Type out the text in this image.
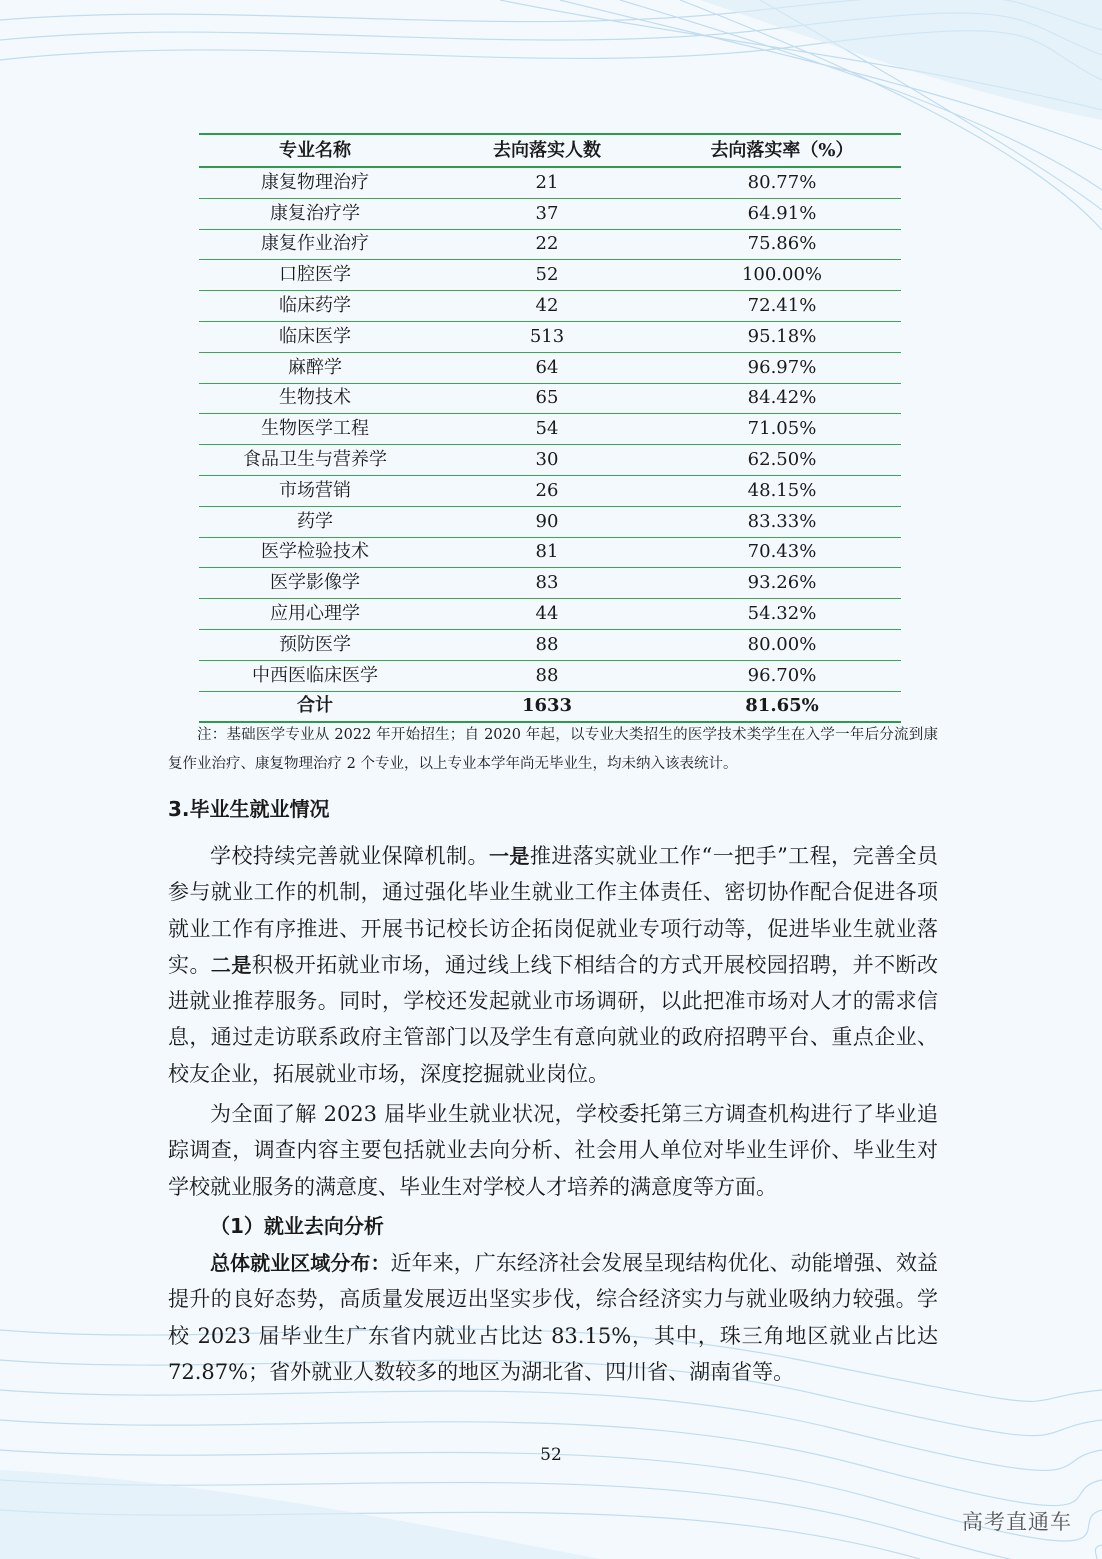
专业名称	去向落实人数	去向落实率（%）
康复物理治疗	21	80.77%
康复治疗学	37	64.91%
康复作业治疗	22	75.86%
口腔医学	52	100.00%
临床药学	42	72.41%
临床医学	513	95.18%
麻醉学	64	96.97%
生物技术	65	84.42%
生物医学工程	54	71.05%
食品卫生与营养学	30	62.50%
市场营销	26	48.15%
药学	90	83.33%
医学检验技术	81	70.43%
医学影像学	83	93.26%
应用心理学	44	54.32%
预防医学	88	80.00%
中西医临床医学	88	96.70%
合计	1633	81.65%
注：基础医学专业从 2022 年开始招生；自 2020 年起，以专业大类招生的医学技术类学生在入学一年后分流到康复作业治疗、康复物理治疗 2 个专业，以上专业本学年尚无毕业生，均未纳入该表统计。
3.毕业生就业情况

学校持续完善就业保障机制。一是推进落实就业工作“一把手”工程，完善全员参与就业工作的机制，通过强化毕业生就业工作主体责任、密切协作配合促进各项就业工作有序推进、开展书记校长访企拓岗促就业专项行动等，促进毕业生就业落实。二是积极开拓就业市场，通过线上线下相结合的方式开展校园招聘，并不断改进就业推荐服务。同时，学校还发起就业市场调研，以此把准市场对人才的需求信息，通过走访联系政府主管部门以及学生有意向就业的政府招聘平台、重点企业、校友企业，拓展就业市场，深度挖掘就业岗位。

为全面了解 2023 届毕业生就业状况，学校委托第三方调查机构进行了毕业追踪调查，调查内容主要包括就业去向分析、社会用人单位对毕业生评价、毕业生对学校就业服务的满意度、毕业生对学校人才培养的满意度等方面。

（1）就业去向分析

总体就业区域分布：近年来，广东经济社会发展呈现结构优化、动能增强、效益提升的良好态势，高质量发展迈出坚实步伐，综合经济实力与就业吸纳力较强。学校 2023 届毕业生广东省内就业占比达 83.15%，其中，珠三角地区就业占比达 72.87%；省外就业人数较多的地区为湖北省、四川省、湖南省等。

52
高考直通车
